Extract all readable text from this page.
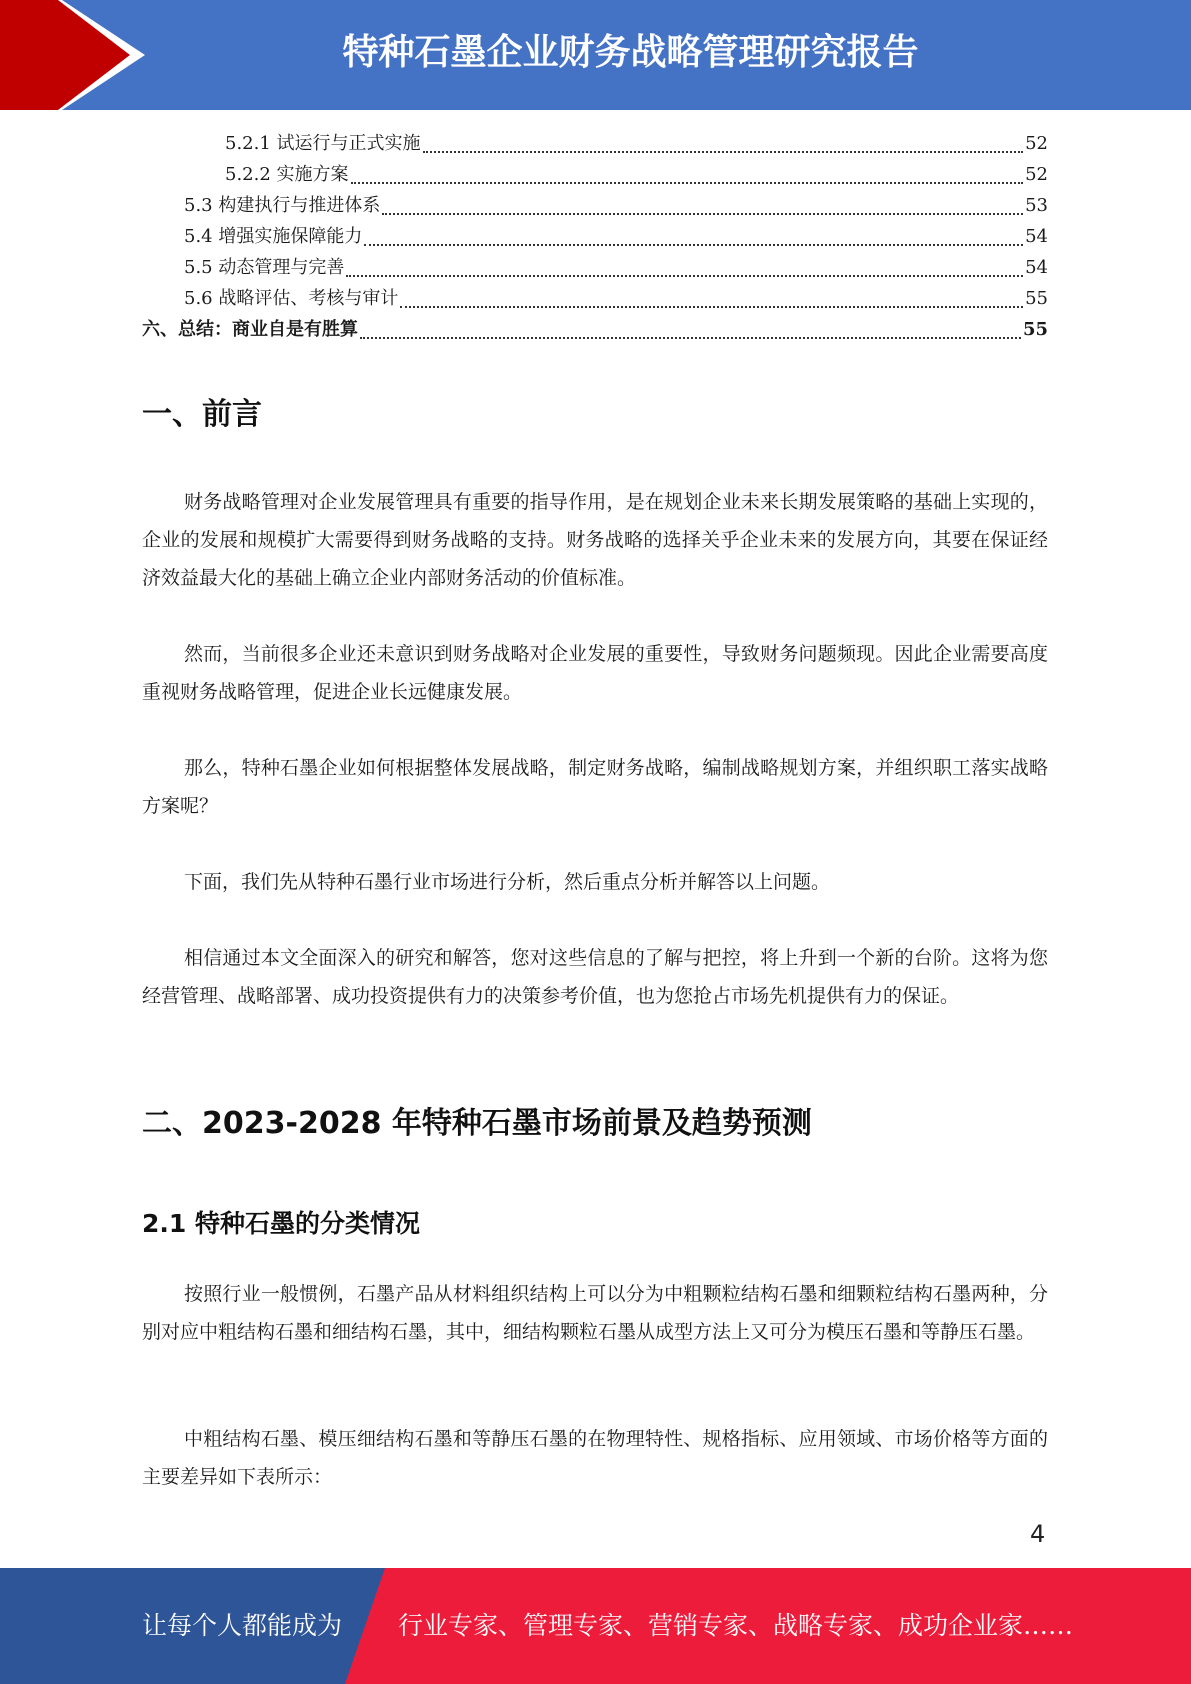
特种石墨企业财务战略管理研究报告
5.2.1 试运行与正式实施	52
5.2.2 实施方案	52
5.3 构建执行与推进体系	53
5.4 增强实施保障能力	54
5.5 动态管理与完善	54
5.6 战略评估、考核与审计	55
六、总结：商业自是有胜算	55
一、前言

财务战略管理对企业发展管理具有重要的指导作用，是在规划企业未来长期发展策略的基础上实现的，企业的发展和规模扩大需要得到财务战略的支持。财务战略的选择关乎企业未来的发展方向，其要在保证经济效益最大化的基础上确立企业内部财务活动的价值标准。

然而，当前很多企业还未意识到财务战略对企业发展的重要性，导致财务问题频现。因此企业需要高度重视财务战略管理，促进企业长远健康发展。

那么，特种石墨企业如何根据整体发展战略，制定财务战略，编制战略规划方案，并组织职工落实战略方案呢？

下面，我们先从特种石墨行业市场进行分析，然后重点分析并解答以上问题。

相信通过本文全面深入的研究和解答，您对这些信息的了解与把控，将上升到一个新的台阶。这将为您经营管理、战略部署、成功投资提供有力的决策参考价值，也为您抢占市场先机提供有力的保证。

二、2023-2028 年特种石墨市场前景及趋势预测
2.1 特种石墨的分类情况

按照行业一般惯例，石墨产品从材料组织结构上可以分为中粗颗粒结构石墨和细颗粒结构石墨两种，分别对应中粗结构石墨和细结构石墨，其中，细结构颗粒石墨从成型方法上又可分为模压石墨和等静压石墨。

中粗结构石墨、模压细结构石墨和等静压石墨的在物理特性、规格指标、应用领域、市场价格等方面的主要差异如下表所示：

4
让每个人都能成为 行业专家、管理专家、营销专家、战略专家、成功企业家……
